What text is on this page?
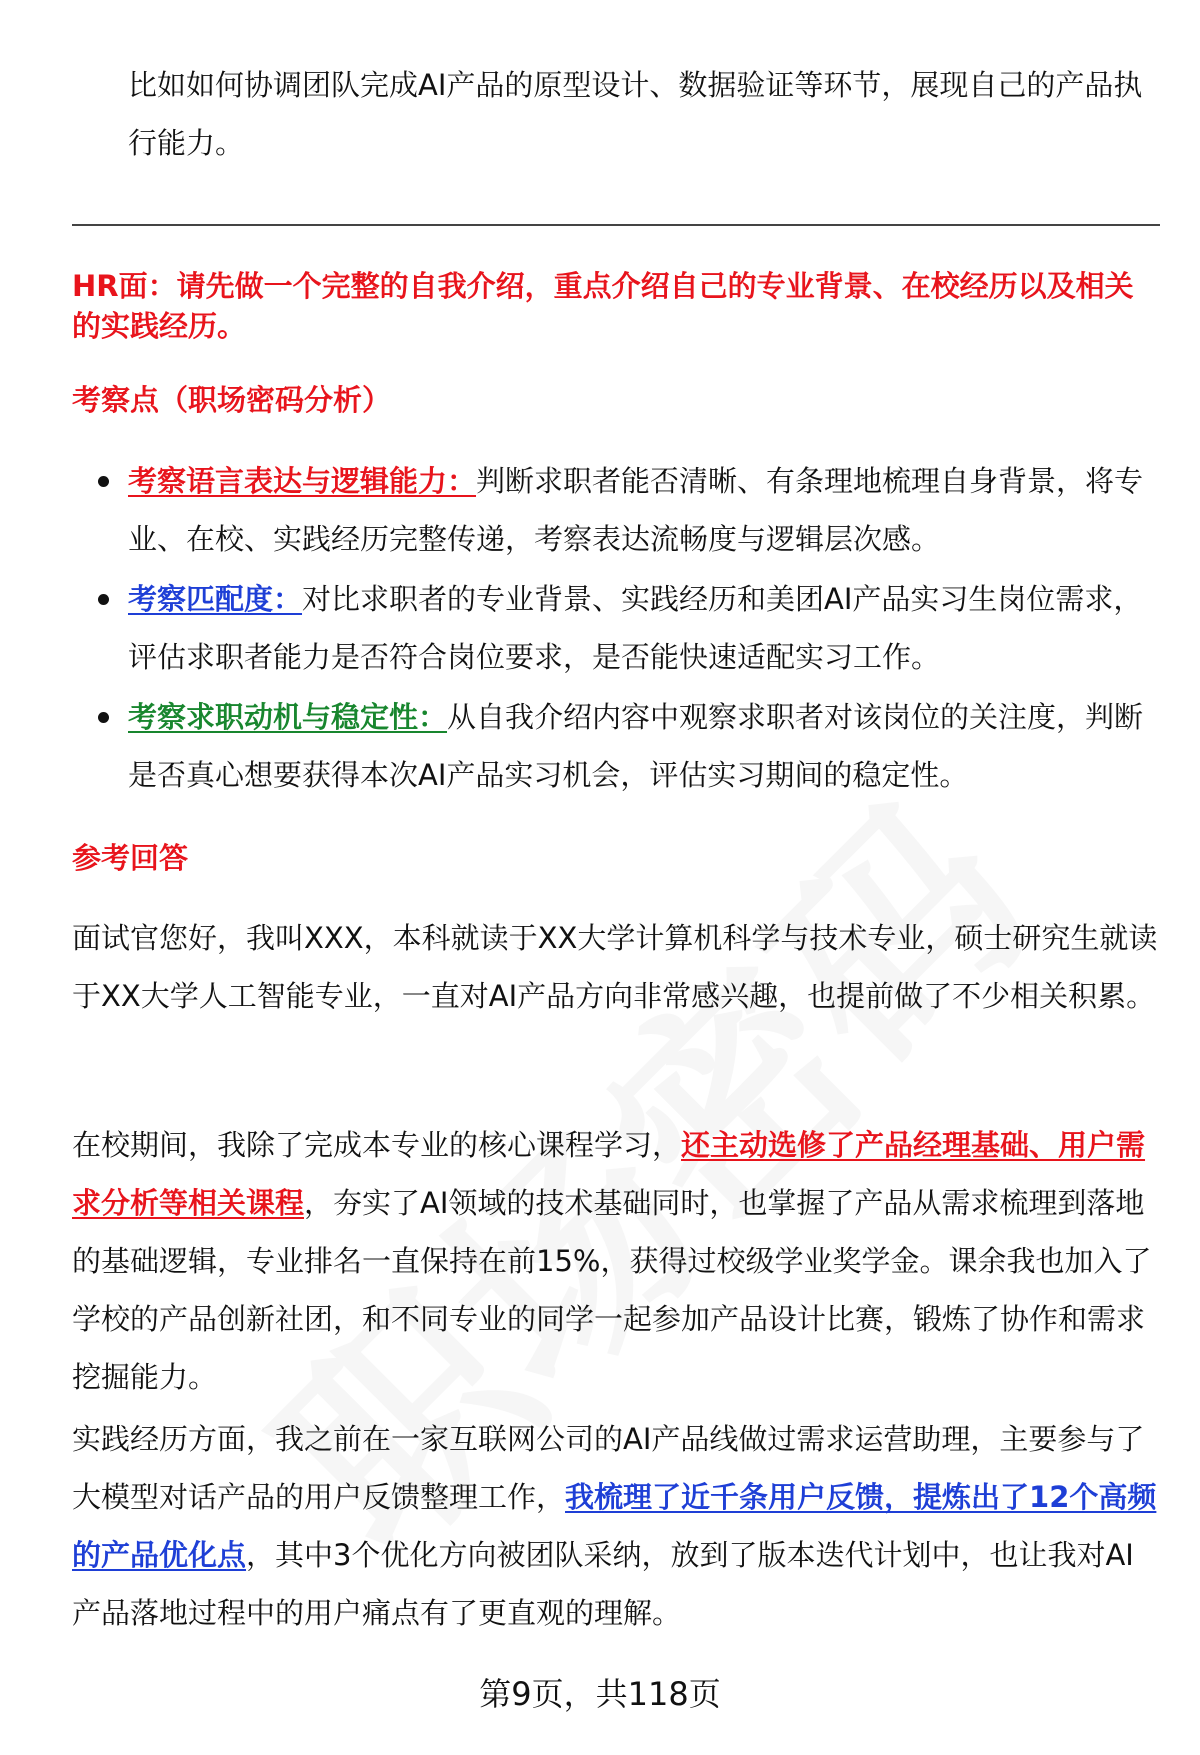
比如如何协调团队完成AI产品的原型设计、数据验证等环节，展现自己的产品执行能力。

HR面：请先做一个完整的自我介绍，重点介绍自己的专业背景、在校经历以及相关的实践经历。

考察点（职场密码分析）

考察语言表达与逻辑能力：判断求职者能否清晰、有条理地梳理自身背景，将专业、在校、实践经历完整传递，考察表达流畅度与逻辑层次感。
考察匹配度：对比求职者的专业背景、实践经历和美团AI产品实习生岗位需求，评估求职者能力是否符合岗位要求，是否能快速适配实习工作。
考察求职动机与稳定性：从自我介绍内容中观察求职者对该岗位的关注度，判断是否真心想要获得本次AI产品实习机会，评估实习期间的稳定性。

参考回答

面试官您好，我叫XXX，本科就读于XX大学计算机科学与技术专业，硕士研究生就读于XX大学人工智能专业，一直对AI产品方向非常感兴趣，也提前做了不少相关积累。

在校期间，我除了完成本专业的核心课程学习，还主动选修了产品经理基础、用户需求分析等相关课程，夯实了AI领域的技术基础同时，也掌握了产品从需求梳理到落地的基础逻辑，专业排名一直保持在前15%，获得过校级学业奖学金。课余我也加入了学校的产品创新社团，和不同专业的同学一起参加产品设计比赛，锻炼了协作和需求挖掘能力。

实践经历方面，我之前在一家互联网公司的AI产品线做过需求运营助理，主要参与了大模型对话产品的用户反馈整理工作，我梳理了近千条用户反馈，提炼出了12个高频的产品优化点，其中3个优化方向被团队采纳，放到了版本迭代计划中，也让我对AI产品落地过程中的用户痛点有了更直观的理解。

第9页，共118页
